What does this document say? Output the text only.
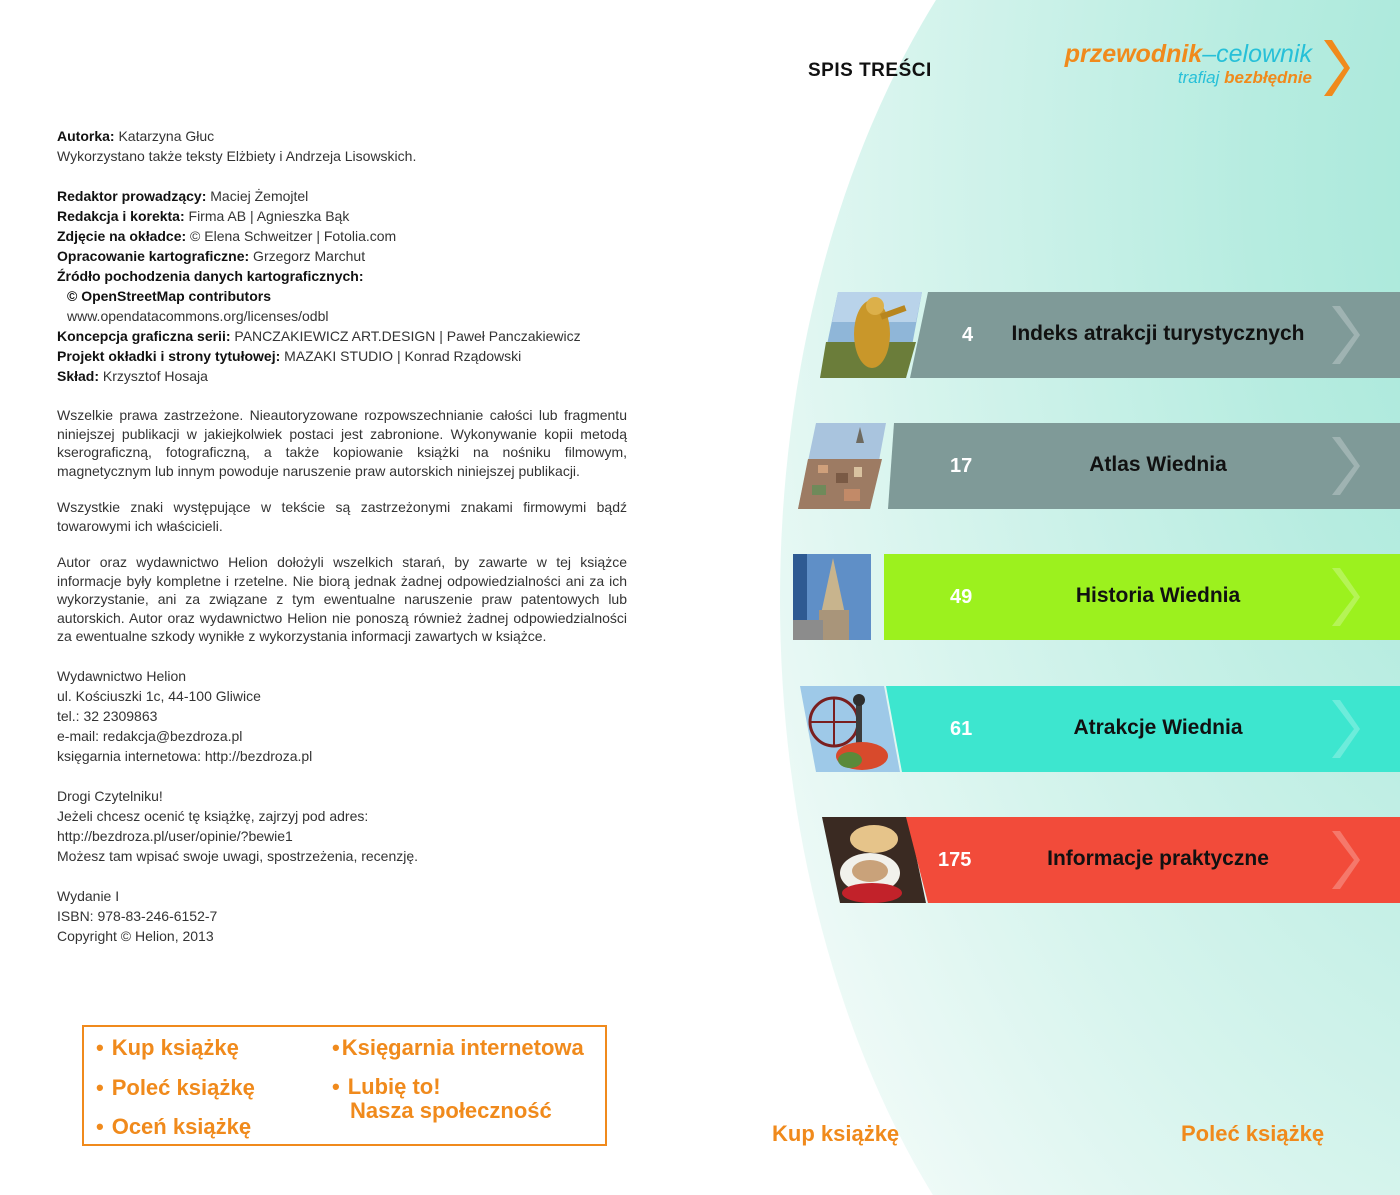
SPIS TREŚCI
przewodnik–celownik
trafiaj bezbłędnie
Autorka: Katarzyna Głuc
Wykorzystano także teksty Elżbiety i Andrzeja Lisowskich.
Redaktor prowadzący: Maciej Żemojtel
Redakcja i korekta: Firma AB | Agnieszka Bąk
Zdjęcie na okładce: © Elena Schweitzer | Fotolia.com
Opracowanie kartograficzne: Grzegorz Marchut
Źródło pochodzenia danych kartograficznych:
© OpenStreetMap contributors
www.opendatacommons.org/licenses/odbl
Koncepcja graficzna serii: PANCZAKIEWICZ ART.DESIGN | Paweł Panczakiewicz
Projekt okładki i strony tytułowej: MAZAKI STUDIO | Konrad Rządowski
Skład: Krzysztof Hosaja

Wszelkie prawa zastrzeżone. Nieautoryzowane rozpowszechnianie całości lub fragmentu niniejszej publikacji w jakiejkolwiek postaci jest zabronione. Wykonywanie kopii metodą kserograficzną, fotograficzną, a także kopiowanie książki na nośniku filmowym, magnetycznym lub innym powoduje naruszenie praw autorskich niniejszej publikacji.

Wszystkie znaki występujące w tekście są zastrzeżonymi znakami firmowymi bądź towarowymi ich właścicieli.

Autor oraz wydawnictwo Helion dołożyli wszelkich starań, by zawarte w tej książce informacje były kompletne i rzetelne. Nie biorą jednak żadnej odpowiedzialności ani za ich wykorzystanie, ani za związane z tym ewentualne naruszenie praw patentowych lub autorskich. Autor oraz wydawnictwo Helion nie ponoszą również żadnej odpowiedzialności za ewentualne szkody wynikłe z wykorzystania informacji zawartych w książce.

Wydawnictwo Helion
ul. Kościuszki 1c, 44-100 Gliwice
tel.: 32 2309863
e-mail: redakcja@bezdroza.pl
księgarnia internetowa: http://bezdroza.pl
Drogi Czytelniku!
Jeżeli chcesz ocenić tę książkę, zajrzyj pod adres:
http://bezdroza.pl/user/opinie/?bewie1
Możesz tam wpisać swoje uwagi, spostrzeżenia, recenzję.
Wydanie I
ISBN: 978-83-246-6152-7
Copyright © Helion, 2013
• Kup książkę
• Poleć książkę
• Oceń książkę
•Księgarnia internetowa
• Lubię to!
Nasza społeczność
4 Indeks atrakcji turystycznych
17	Atlas Wiednia
49	Historia Wiednia
61	Atrakcje Wiednia
175	Informacje praktyczne
Kup książkę	Poleć książkę
